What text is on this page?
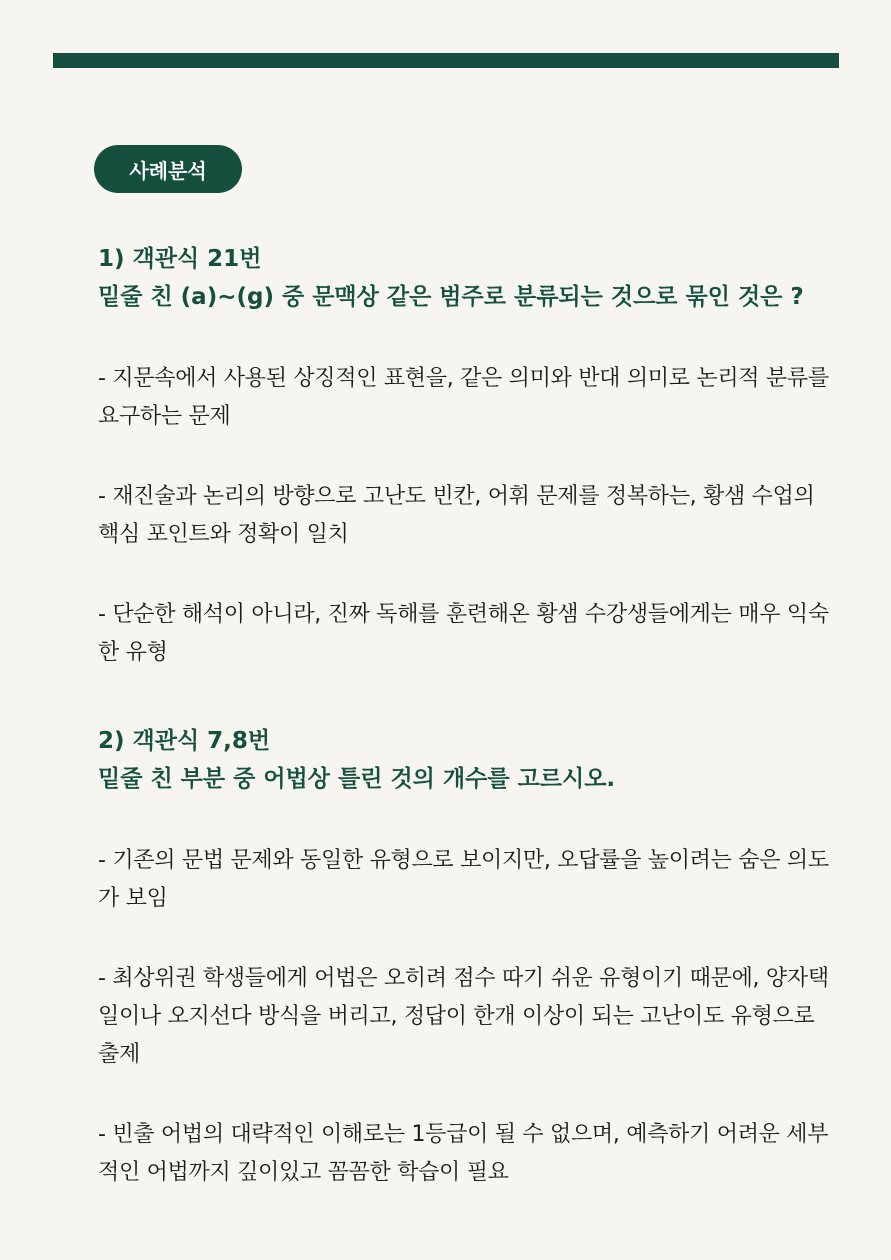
사례분석

1) 객관식 21번

밑줄 친 (a)~(g) 중 문맥상 같은 범주로 분류되는 것으로 묶인 것은 ?

- 지문속에서 사용된 상징적인 표현을, 같은 의미와 반대 의미로 논리적 분류를 요구하는 문제

- 재진술과 논리의 방향으로 고난도 빈칸, 어휘 문제를 정복하는, 황샘 수업의 핵심 포인트와 정확이 일치

- 단순한 해석이 아니라, 진짜 독해를 훈련해온 황샘 수강생들에게는 매우 익숙한 유형

2) 객관식 7,8번

밑줄 친 부분 중 어법상 틀린 것의 개수를 고르시오.

- 기존의 문법 문제와 동일한 유형으로 보이지만, 오답률을 높이려는 숨은 의도가 보임

- 최상위권 학생들에게 어법은 오히려 점수 따기 쉬운 유형이기 때문에, 양자택일이나 오지선다 방식을 버리고, 정답이 한개 이상이 되는 고난이도 유형으로 출제

- 빈출 어법의 대략적인 이해로는 1등급이 될 수 없으며, 예측하기 어려운 세부적인 어법까지 깊이있고 꼼꼼한 학습이 필요
